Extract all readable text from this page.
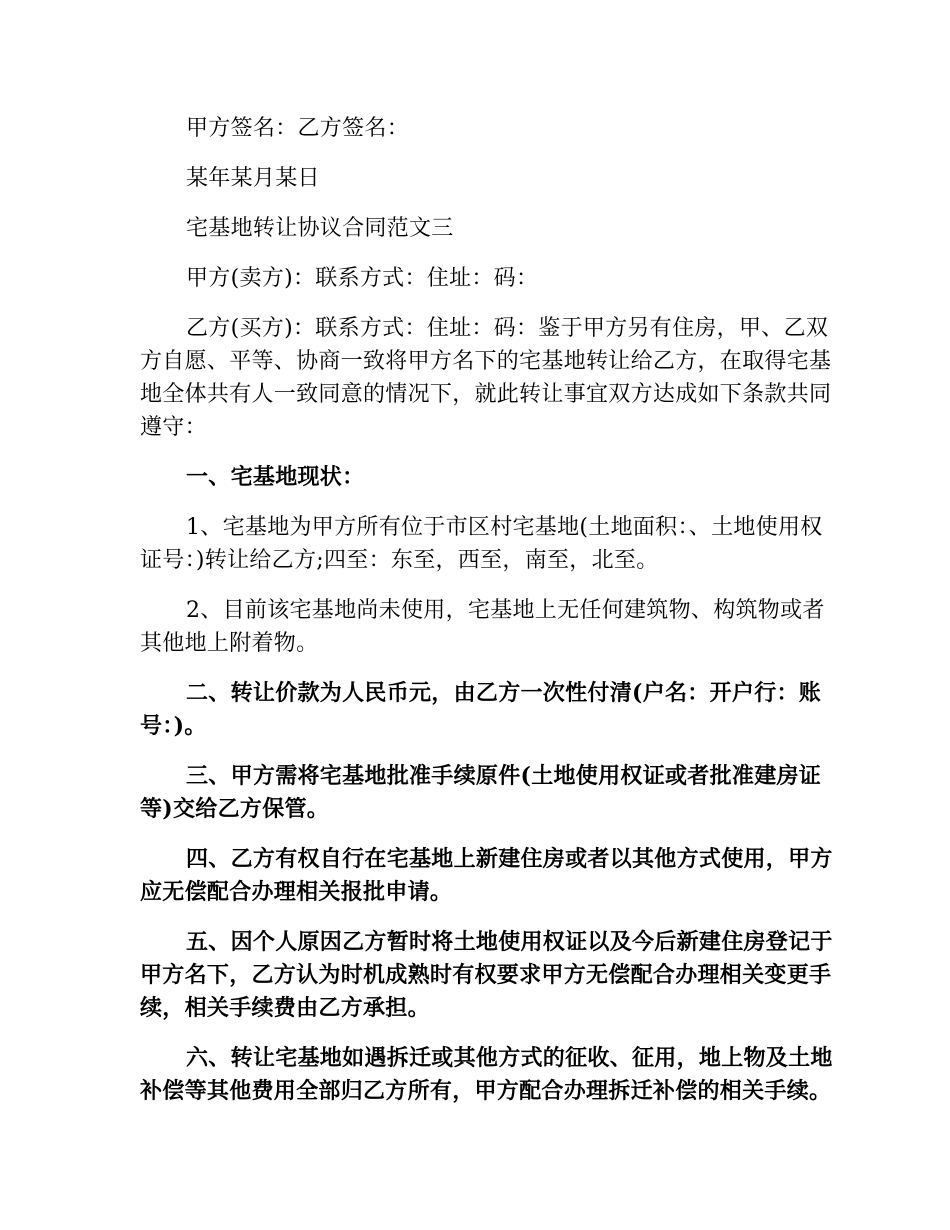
甲方签名：乙方签名：

某年某月某日

宅基地转让协议合同范文三

甲方(卖方)：联系方式：住址：码：

乙方(买方)：联系方式：住址：码：鉴于甲方另有住房，甲、乙双方自愿、平等、协商一致将甲方名下的宅基地转让给乙方，在取得宅基地全体共有人一致同意的情况下，就此转让事宜双方达成如下条款共同遵守：

一、宅基地现状：

1、宅基地为甲方所有位于市区村宅基地(土地面积：、土地使用权证号：)转让给乙方;四至：东至，西至，南至，北至。

2、目前该宅基地尚未使用，宅基地上无任何建筑物、构筑物或者其他地上附着物。

二、转让价款为人民币元，由乙方一次性付清(户名：开户行：账号：)。

三、甲方需将宅基地批准手续原件(土地使用权证或者批准建房证等)交给乙方保管。

四、乙方有权自行在宅基地上新建住房或者以其他方式使用，甲方应无偿配合办理相关报批申请。

五、因个人原因乙方暂时将土地使用权证以及今后新建住房登记于甲方名下，乙方认为时机成熟时有权要求甲方无偿配合办理相关变更手续，相关手续费由乙方承担。

六、转让宅基地如遇拆迁或其他方式的征收、征用，地上物及土地补偿等其他费用全部归乙方所有，甲方配合办理拆迁补偿的相关手续。
